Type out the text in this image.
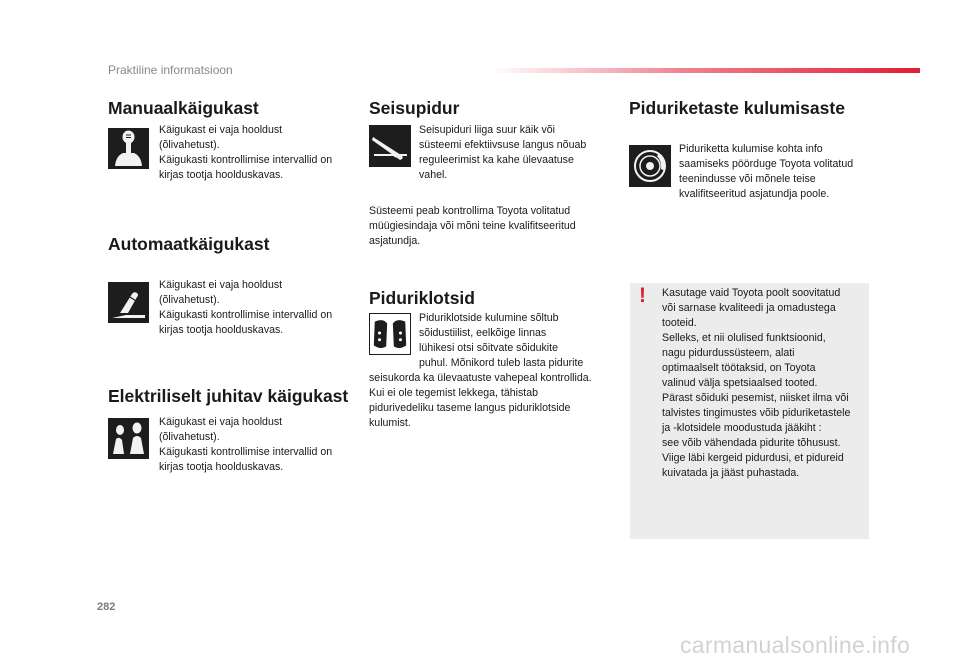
Praktiline informatsioon
Manuaalkäigukast
Käigukast ei vaja hooldust
(õlivahetust).
Käigukasti kontrollimise intervallid on
kirjas tootja hoolduskavas.
Automaatkäigukast
Käigukast ei vaja hooldust
(õlivahetust).
Käigukasti kontrollimise intervallid on
kirjas tootja hoolduskavas.
Elektriliselt juhitav käigukast
Käigukast ei vaja hooldust
(õlivahetust).
Käigukasti kontrollimise intervallid on
kirjas tootja hoolduskavas.
Seisupidur
Seisupiduri liiga suur käik või
süsteemi efektiivsuse langus nõuab
reguleerimist ka kahe ülevaatuse
vahel.
Süsteemi peab kontrollima Toyota volitatud
müügiesindaja või mõni teine kvalifitseeritud
asjatundja.
Piduriklotsid
Piduriklotside kulumine sõltub
sõidustiilist, eelkõige linnas
lühikesi otsi sõitvate sõidukite
puhul. Mõnikord tuleb lasta pidurite
seisukorda ka ülevaatuste vahepeal kontrollida.
Kui ei ole tegemist lekkega, tähistab
pidurivedeliku taseme langus piduriklotside
kulumist.
Piduriketaste kulumisaste
Piduriketta kulumise kohta info
saamiseks pöörduge Toyota volitatud
teenindusse või mõnele teise
kvalifitseeritud asjatundja poole.
! Kasutage vaid Toyota poolt soovitatud
või sarnase kvaliteedi ja omadustega
tooteid.
Selleks, et nii olulised funktsioonid,
nagu pidurdussüsteem, alati
optimaalselt töötaksid, on Toyota
valinud välja spetsiaalsed tooted.
Pärast sõiduki pesemist, niisket ilma või
talvistes tingimustes võib piduriketastele
ja -klotsidele moodustuda jääkiht :
see võib vähendada pidurite tõhusust.
Viige läbi kergeid pidurdusi, et pidureid
kuivatada ja jääst puhastada.
282
carmanualsonline.info
